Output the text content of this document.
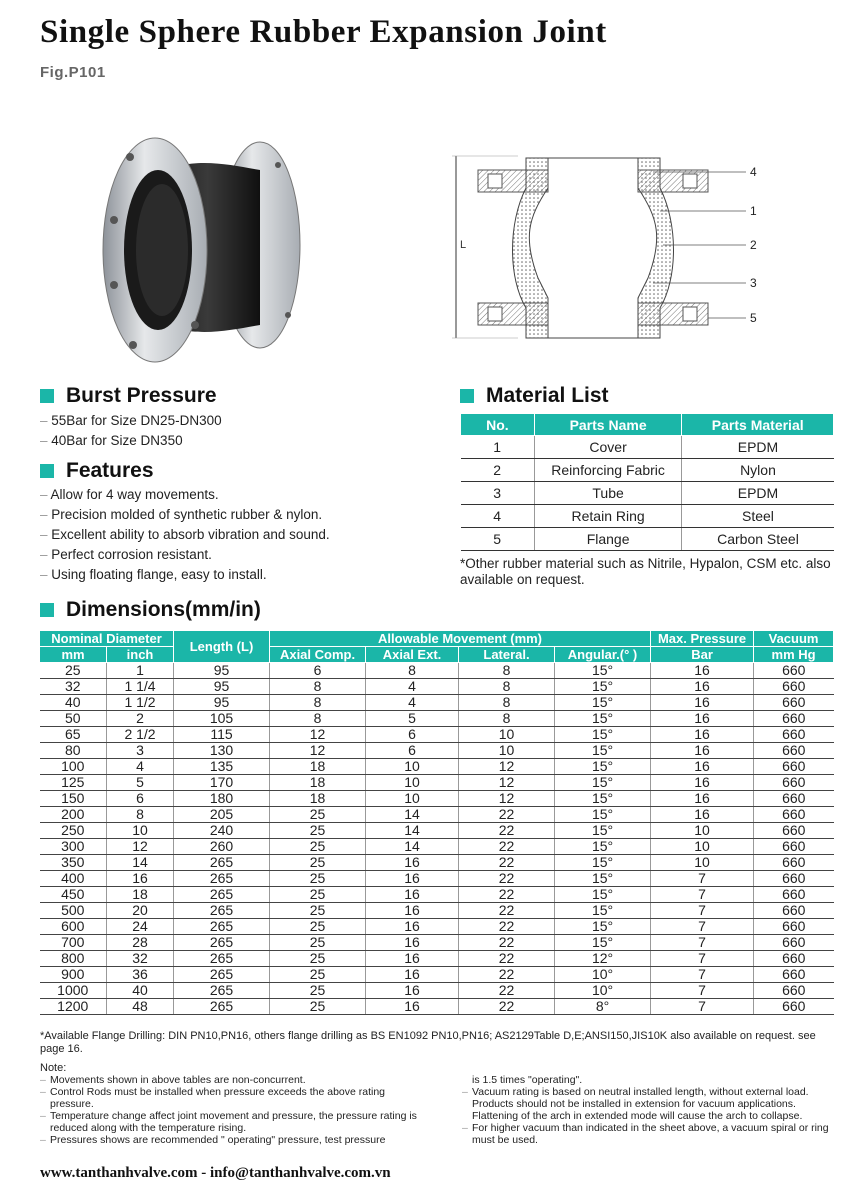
Single Sphere Rubber Expansion Joint
Fig.P101
L
4
1
2
3
5
Burst Pressure
– 55Bar for Size DN25-DN300
– 40Bar for Size DN350
Features
– Allow for 4 way movements.
– Precision molded of synthetic rubber & nylon.
– Excellent ability to absorb vibration and sound.
– Perfect corrosion resistant.
– Using floating flange, easy to install.
Material List
No.	Parts Name	Parts Material
1	Cover	EPDM
2	Reinforcing Fabric	Nylon
3	Tube	EPDM
4	Retain Ring	Steel
5	Flange	Carbon Steel
*Other rubber material such as Nitrile, Hypalon, CSM etc. also available on request.
Dimensions(mm/in)
Nominal Diameter		Length (L)	Allowable Movement (mm)				Max. Pressure	Vacuum
mm	inch		Axial Comp.	Axial Ext.	Lateral.	Angular.(° )	Bar	mm Hg
25	1	95	6	8	8	15°	16	660
32	1 1/4	95	8	4	8	15°	16	660
40	1 1/2	95	8	4	8	15°	16	660
50	2	105	8	5	8	15°	16	660
65	2 1/2	115	12	6	10	15°	16	660
80	3	130	12	6	10	15°	16	660
100	4	135	18	10	12	15°	16	660
125	5	170	18	10	12	15°	16	660
150	6	180	18	10	12	15°	16	660
200	8	205	25	14	22	15°	16	660
250	10	240	25	14	22	15°	10	660
300	12	260	25	14	22	15°	10	660
350	14	265	25	16	22	15°	10	660
400	16	265	25	16	22	15°	7	660
450	18	265	25	16	22	15°	7	660
500	20	265	25	16	22	15°	7	660
600	24	265	25	16	22	15°	7	660
700	28	265	25	16	22	15°	7	660
800	32	265	25	16	22	12°	7	660
900	36	265	25	16	22	10°	7	660
1000	40	265	25	16	22	10°	7	660
1200	48	265	25	16	22	8°	7	660
*Available Flange Drilling: DIN PN10,PN16, others flange drilling as BS EN1092 PN10,PN16; AS2129Table D,E;ANSI150,JIS10K also available on request. see page 16.
Note:
– Movements shown in above tables are non-concurrent.
– Control Rods must be installed when pressure exceeds the above rating pressure.
– Temperature change affect joint movement and pressure, the pressure rating is reduced along with the temperature rising.
– Pressures shows are recommended " operating" pressure, test pressure
is 1.5 times "operating".
– Vacuum rating is based on neutral installed length, without external load. Products should not be installed in extension for vacuum applications. Flattening of the arch in extended mode will cause the arch to collapse.
– For higher vacuum than indicated in the sheet above, a vacuum spiral or ring must be used.
www.tanthanhvalve.com - info@tanthanhvalve.com.vn
